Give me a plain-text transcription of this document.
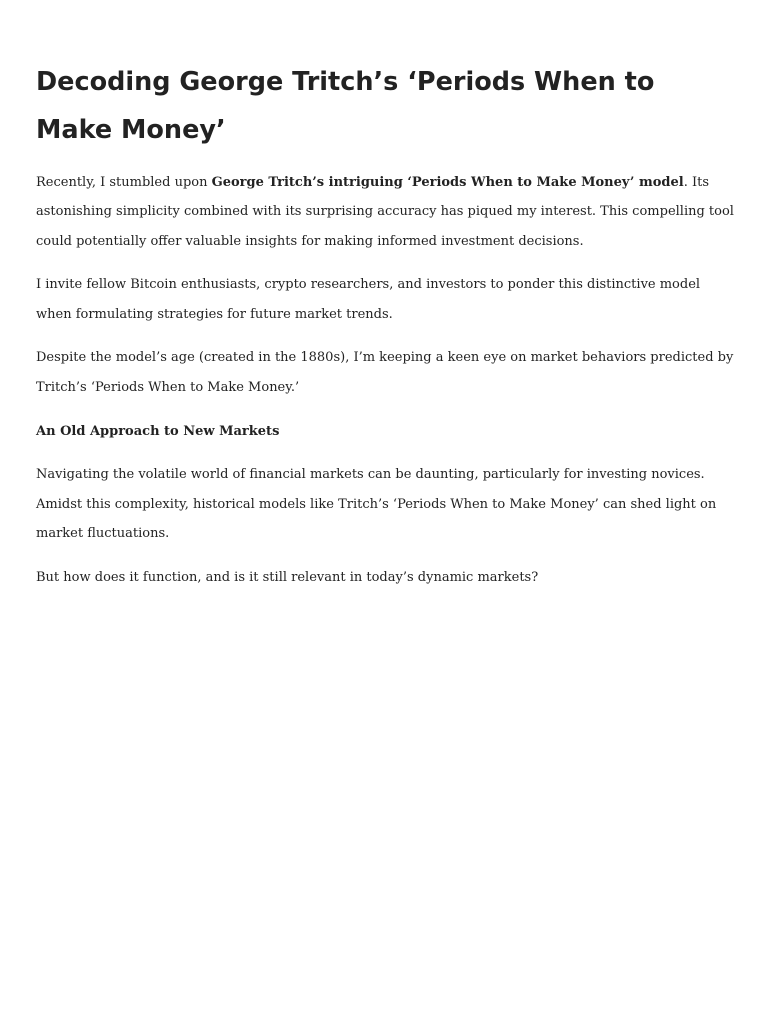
Decoding George Tritch’s ‘Periods When to Make Money’

Recently, I stumbled upon George Tritch’s intriguing ‘Periods When to Make Money’ model. Its astonishing simplicity combined with its surprising accuracy has piqued my interest. This compelling tool could potentially offer valuable insights for making informed investment decisions.

I invite fellow Bitcoin enthusiasts, crypto researchers, and investors to ponder this distinctive model when formulating strategies for future market trends.

Despite the model’s age (created in the 1880s), I’m keeping a keen eye on market behaviors predicted by Tritch’s ‘Periods When to Make Money.’

An Old Approach to New Markets

Navigating the volatile world of financial markets can be daunting, particularly for investing novices. Amidst this complexity, historical models like Tritch’s ‘Periods When to Make Money’ can shed light on market fluctuations.

But how does it function, and is it still relevant in today’s dynamic markets?
